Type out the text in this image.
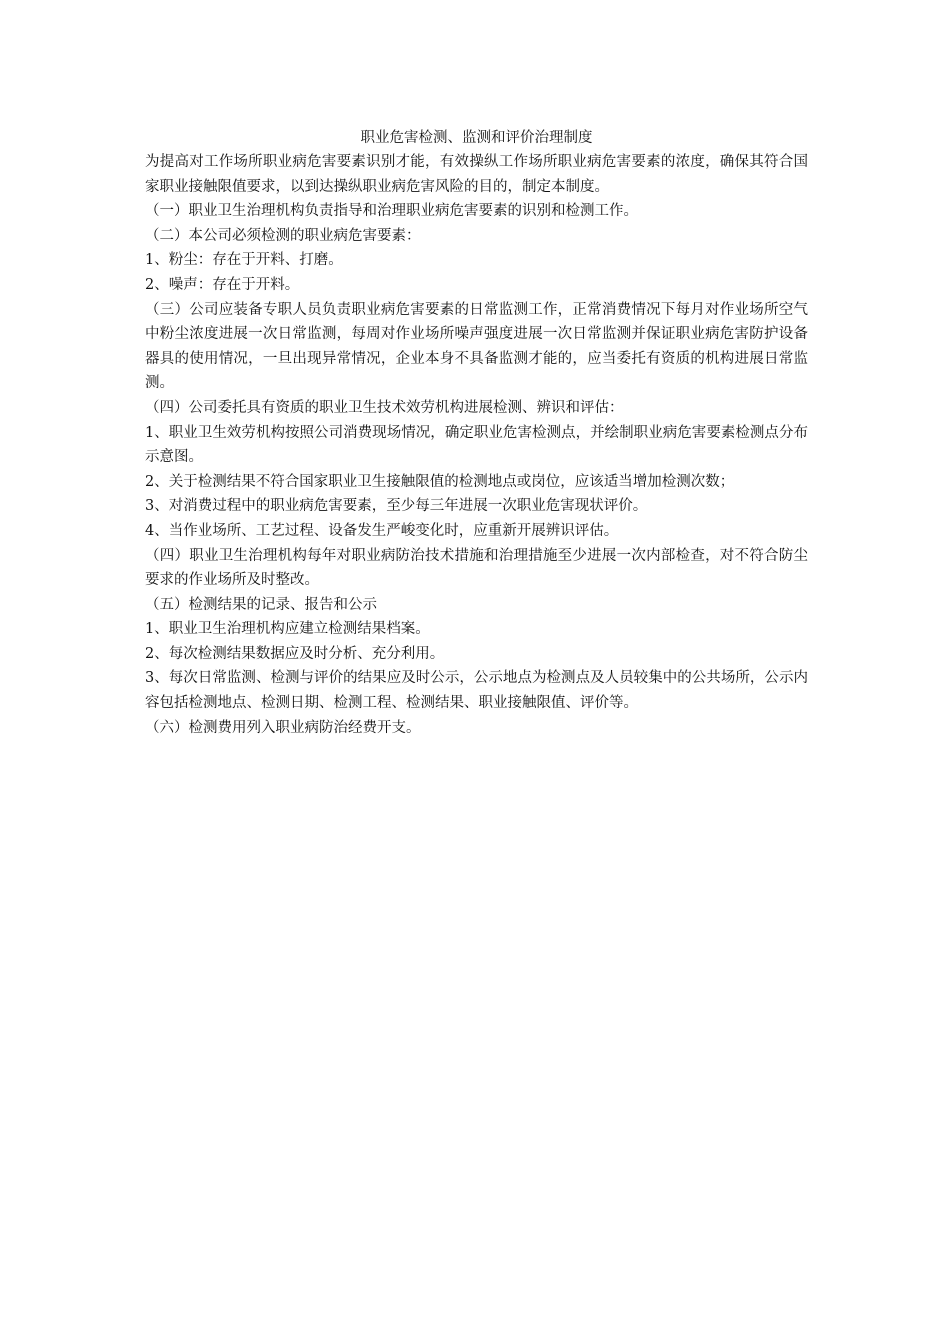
职业危害检测、监测和评价治理制度

为提高对工作场所职业病危害要素识别才能，有效操纵工作场所职业病危害要素的浓度，确保其符合国家职业接触限值要求，以到达操纵职业病危害风险的目的，制定本制度。

（一）职业卫生治理机构负责指导和治理职业病危害要素的识别和检测工作。

（二）本公司必须检测的职业病危害要素：

1、粉尘：存在于开料、打磨。

2、噪声：存在于开料。

（三）公司应装备专职人员负责职业病危害要素的日常监测工作，正常消费情况下每月对作业场所空气中粉尘浓度进展一次日常监测，每周对作业场所噪声强度进展一次日常监测并保证职业病危害防护设备器具的使用情况，一旦出现异常情况，企业本身不具备监测才能的，应当委托有资质的机构进展日常监测。

（四）公司委托具有资质的职业卫生技术效劳机构进展检测、辨识和评估：

1、职业卫生效劳机构按照公司消费现场情况，确定职业危害检测点，并绘制职业病危害要素检测点分布示意图。

2、关于检测结果不符合国家职业卫生接触限值的检测地点或岗位，应该适当增加检测次数；

3、对消费过程中的职业病危害要素，至少每三年进展一次职业危害现状评价。

4、当作业场所、工艺过程、设备发生严峻变化时，应重新开展辨识评估。

（四）职业卫生治理机构每年对职业病防治技术措施和治理措施至少进展一次内部检查，对不符合防尘要求的作业场所及时整改。

（五）检测结果的记录、报告和公示

1、职业卫生治理机构应建立检测结果档案。

2、每次检测结果数据应及时分析、充分利用。

3、每次日常监测、检测与评价的结果应及时公示，公示地点为检测点及人员较集中的公共场所，公示内容包括检测地点、检测日期、检测工程、检测结果、职业接触限值、评价等。

（六）检测费用列入职业病防治经费开支。
